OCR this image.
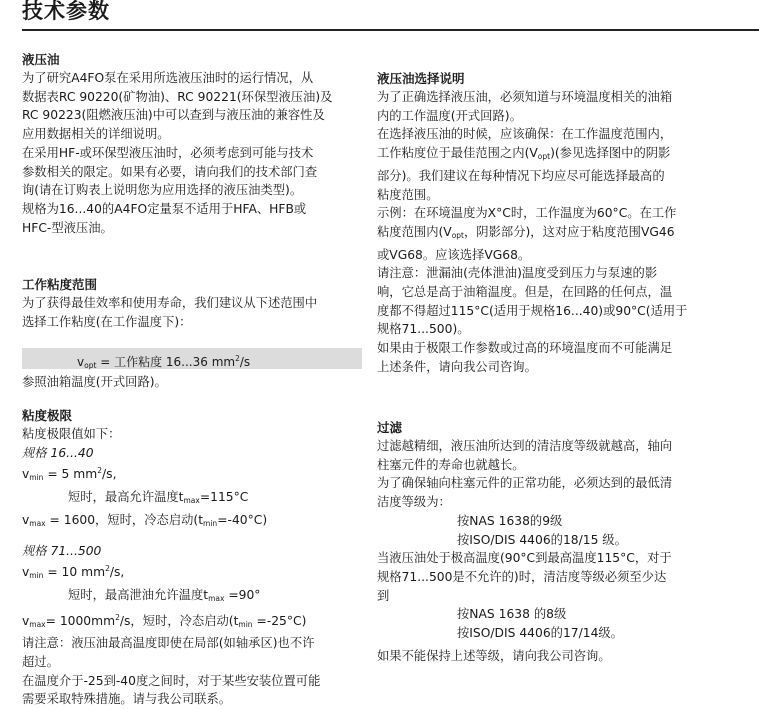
技术参数
液压油

为了研究A4FO泵在采用所选液压油时的运行情况，从

数据表RC 90220(矿物油)、RC 90221(环保型液压油)及

RC 90223(阻燃液压油)中可以查到与液压油的兼容性及

应用数据相关的详细说明。

在采用HF-或环保型液压油时，必须考虑到可能与技术

参数相关的限定。如果有必要，请向我们的技术部门查

询(请在订购表上说明您为应用选择的液压油类型)。

规格为16...40的A4FO定量泵不适用于HFA、HFB或

HFC-型液压油。

工作粘度范围

为了获得最佳效率和使用寿命，我们建议从下述范围中

选择工作粘度(在工作温度下)：

$v_{opt}$ = 工作粘度 16...36 $mm^2/s$

参照油箱温度(开式回路)。

粘度极限

粘度极限值如下：

规格 16...40

$v_{min} = 5$ $mm^2/s$,

短时，最高允许温度$t_{max}=115^\circ C$

$v_{max} = 1600$，短时，冷态启动$(t_{min}=-40^\circ C)$

规格 71...500

$v_{min} = 10$ $mm^2/s$,

短时，最高泄油允许温度$t_{max} =90^\circ$

$v_{max}= 1000mm^2/s$，短时，冷态启动$(t_{min} =-25^\circ C)$

请注意：液压油最高温度即使在局部(如轴承区)也不许

超过。

在温度介于-25到-40度之间时，对于某些安装位置可能

需要采取特殊措施。请与我公司联系。

液压油选择说明

为了正确选择液压油，必须知道与环境温度相关的油箱

内的工作温度(开式回路)。

在选择液压油的时候，应该确保：在工作温度范围内，

工作粘度位于最佳范围之内$(V_{opt})$(参见选择图中的阴影

部分)。我们建议在每种情况下均应尽可能选择最高的

粘度范围。

示例：在环境温度为X°C时，工作温度为60°C。在工作

粘度范围内($V_{opt}$，阴影部分)，这对应于粘度范围VG46

或VG68。应该选择VG68。

请注意：泄漏油(壳体泄油)温度受到压力与泵速的影

响，它总是高于油箱温度。但是，在回路的任何点，温

度都不得超过115°C(适用于规格16...40)或90°C(适用于

规格71...500)。

如果由于极限工作参数或过高的环境温度而不可能满足

上述条件，请向我公司咨询。

过滤

过滤越精细，液压油所达到的清洁度等级就越高，轴向

柱塞元件的寿命也就越长。

为了确保轴向柱塞元件的正常功能，必须达到的最低清

洁度等级为：

按NAS 1638的9级

按ISO/DIS 4406的18/15 级。

当液压油处于极高温度(90°C到最高温度115°C，对于

规格71...500是不允许的)时，清洁度等级必须至少达

到

按NAS 1638 的8级

按ISO/DIS 4406的17/14级。

如果不能保持上述等级，请向我公司咨询。
